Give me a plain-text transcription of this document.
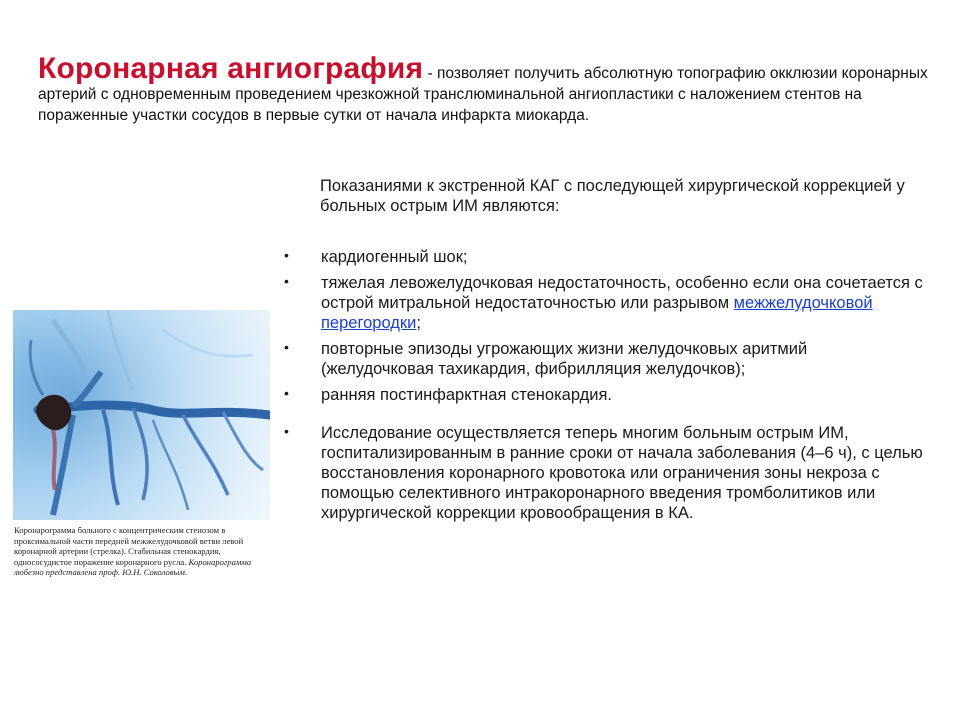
Коронарная ангиография - позволяет получить абсолютную топографию окклюзии коронарных артерий с одновременным проведением чрезкожной транслюминальной ангиопластики с наложением стентов на пораженные участки сосудов в первые сутки от начала инфаркта миокарда.
Показаниями к экстренной КАГ с последующей хирургической коррекцией у больных острым ИМ являются:
• кардиогенный шок;
• тяжелая левожелудочковая недостаточность, особенно если она сочетается с острой митральной недостаточностью или разрывом межжелудочковой перегородки;
• повторные эпизоды угрожающих жизни желудочковых аритмий (желудочковая тахикардия, фибрилляция желудочков);
• ранняя постинфарктная стенокардия.
• Исследование осуществляется теперь многим больным острым ИМ, госпитализированным в ранние сроки от начала заболевания (4–6 ч), с целью восстановления коронарного кровотока или ограничения зоны некроза с помощью селективного интракоронарного введения тромболитиков или хирургической коррекции кровообращения в КА.
Коронарограмма больного с концентрическим стенозом в проксимальной части передней межжелудочковой ветви левой коронарной артерии (стрелка). Стабильная стенокардия, односоcудистое поражение коронарного русла. Коронарограмма любезно представлена проф. Ю.Н. Соколовым.
